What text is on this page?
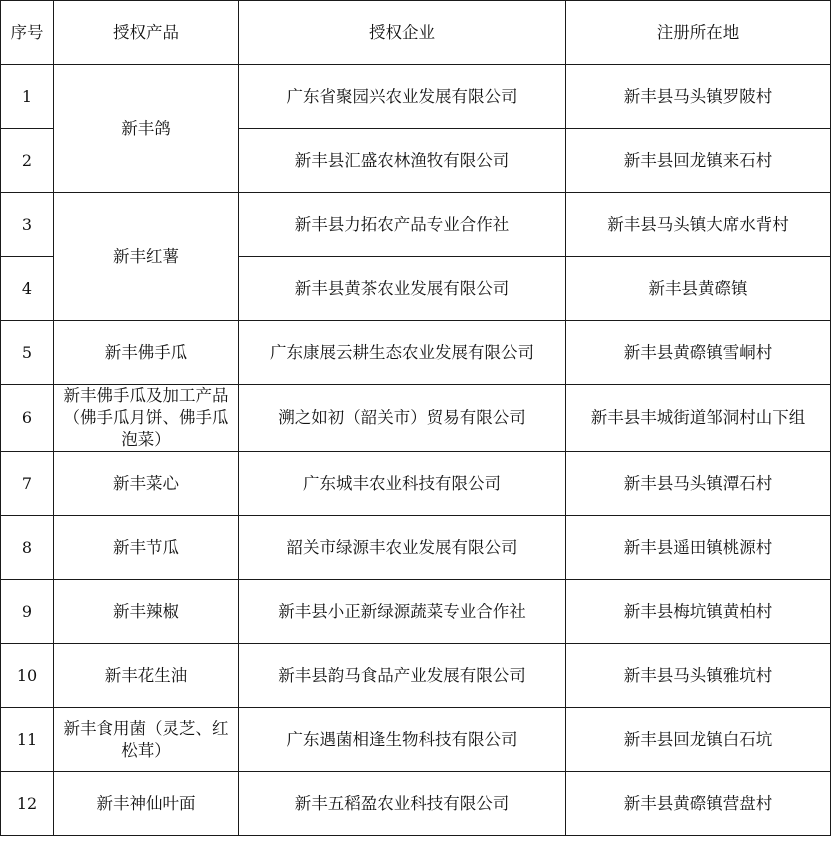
序号	授权产品	授权企业	注册所在地
1	新丰鸽	广东省聚园兴农业发展有限公司	新丰县马头镇罗陂村
2		新丰县汇盛农林渔牧有限公司	新丰县回龙镇来石村
3	新丰红薯	新丰县力拓农产品专业合作社	新丰县马头镇大席水背村
4		新丰县黄茶农业发展有限公司	新丰县黄磜镇
5	新丰佛手瓜	广东康展云耕生态农业发展有限公司	新丰县黄磜镇雪峒村
6	新丰佛手瓜及加工产品（佛手瓜月饼、佛手瓜泡菜）	溯之如初（韶关市）贸易有限公司	新丰县丰城街道邹洞村山下组
7	新丰菜心	广东城丰农业科技有限公司	新丰县马头镇潭石村
8	新丰节瓜	韶关市绿源丰农业发展有限公司	新丰县遥田镇桃源村
9	新丰辣椒	新丰县小正新绿源蔬菜专业合作社	新丰县梅坑镇黄柏村
10	新丰花生油	新丰县韵马食品产业发展有限公司	新丰县马头镇雅坑村
11	新丰食用菌（灵芝、红松茸）	广东遇菌相逢生物科技有限公司	新丰县回龙镇白石坑
12	新丰神仙叶面	新丰五稻盈农业科技有限公司	新丰县黄磜镇营盘村
